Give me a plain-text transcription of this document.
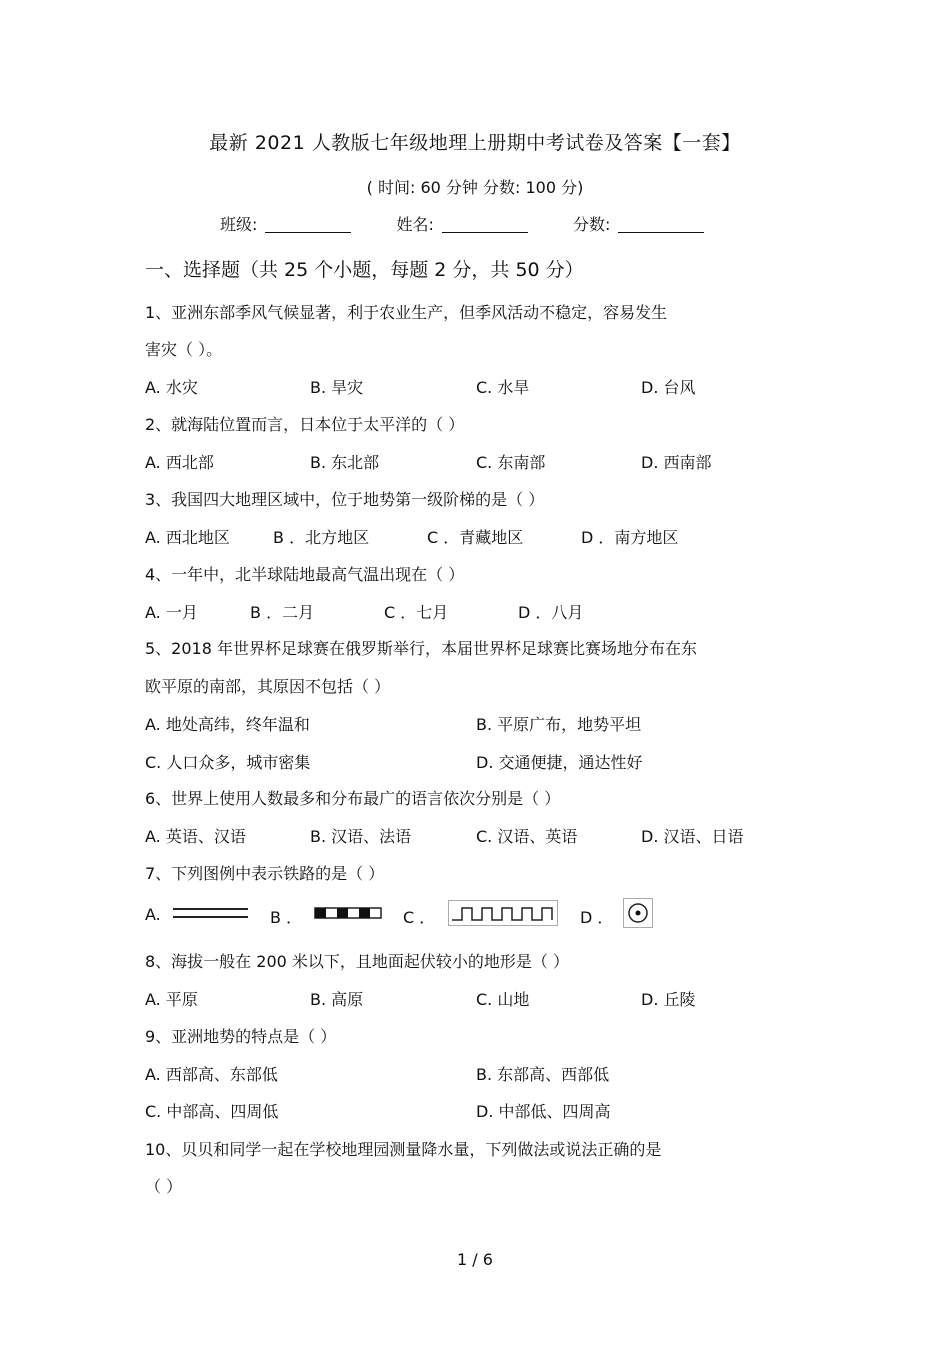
最新 2021 人教版七年级地理上册期中考试卷及答案【一套】
( 时间: 60 分钟 分数: 100 分)
班级:	姓名:	分数:
一、选择题（共 25 个小题，每题 2 分，共 50 分）
1、亚洲东部季风气候显著，利于农业生产，但季风活动不稳定，容易发生
害灾（ ）。
A. 水灾	B. 旱灾	C. 水旱	D. 台风
2、就海陆位置而言，日本位于太平洋的（ ）
A. 西北部	B. 东北部	C. 东南部	D. 西南部
3、我国四大地理区域中，位于地势第一级阶梯的是（ ）
A. 西北地区	B ．北方地区	C ．青藏地区	D ．南方地区
4、一年中，北半球陆地最高气温出现在（ ）
A. 一月	B ．二月	C ．七月	D ．八月
5、2018 年世界杯足球赛在俄罗斯举行，本届世界杯足球赛比赛场地分布在东
欧平原的南部，其原因不包括（ ）
A. 地处高纬，终年温和	B. 平原广布，地势平坦
C. 人口众多，城市密集	D. 交通便捷，通达性好
6、世界上使用人数最多和分布最广的语言依次分别是（ ）
A. 英语、汉语	B. 汉语、法语	C. 汉语、英语	D. 汉语、日语
7、下列图例中表示铁路的是（ ）
A.	B ．	C ．	D ．
8、海拔一般在 200 米以下，且地面起伏较小的地形是（ ）
A. 平原	B. 高原	C. 山地	D. 丘陵
9、亚洲地势的特点是（ ）
A. 西部高、东部低	B. 东部高、西部低
C. 中部高、四周低	D. 中部低、四周高
10、贝贝和同学一起在学校地理园测量降水量，下列做法或说法正确的是
（ ）
1 / 6
